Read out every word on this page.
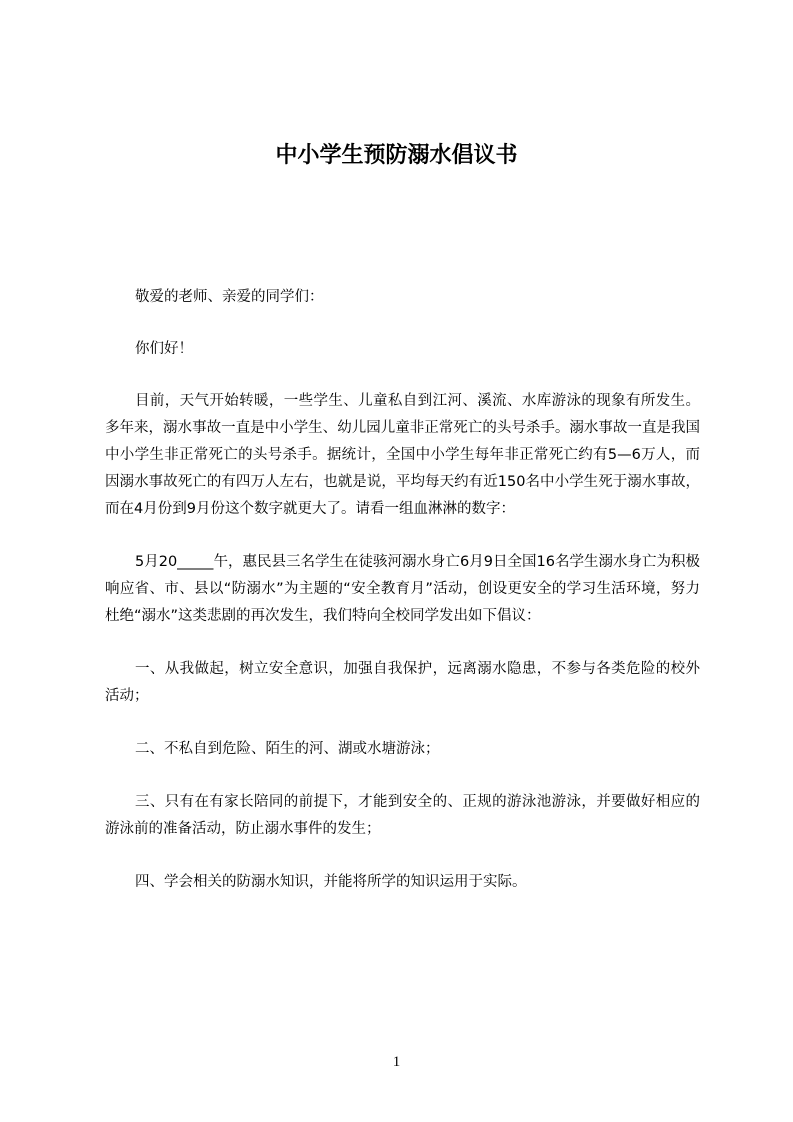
中小学生预防溺水倡议书

敬爱的老师、亲爱的同学们：

你们好！

目前，天气开始转暖，一些学生、儿童私自到江河、溪流、水库游泳的现象有所发生。多年来，溺水事故一直是中小学生、幼儿园儿童非正常死亡的头号杀手。溺水事故一直是我国中小学生非正常死亡的头号杀手。据统计，全国中小学生每年非正常死亡约有5—6万人，而因溺水事故死亡的有四万人左右，也就是说，平均每天约有近150名中小学生死于溺水事故，而在4月份到9月份这个数字就更大了。请看一组血淋淋的数字：

5月20_____午，惠民县三名学生在徒骇河溺水身亡6月9日全国16名学生溺水身亡为积极响应省、市、县以“防溺水”为主题的“安全教育月”活动，创设更安全的学习生活环境，努力杜绝“溺水”这类悲剧的再次发生，我们特向全校同学发出如下倡议：

一、从我做起，树立安全意识，加强自我保护，远离溺水隐患，不参与各类危险的校外活动；

二、不私自到危险、陌生的河、湖或水塘游泳；

三、只有在有家长陪同的前提下，才能到安全的、正规的游泳池游泳，并要做好相应的游泳前的准备活动，防止溺水事件的发生；

四、学会相关的防溺水知识，并能将所学的知识运用于实际。

1
